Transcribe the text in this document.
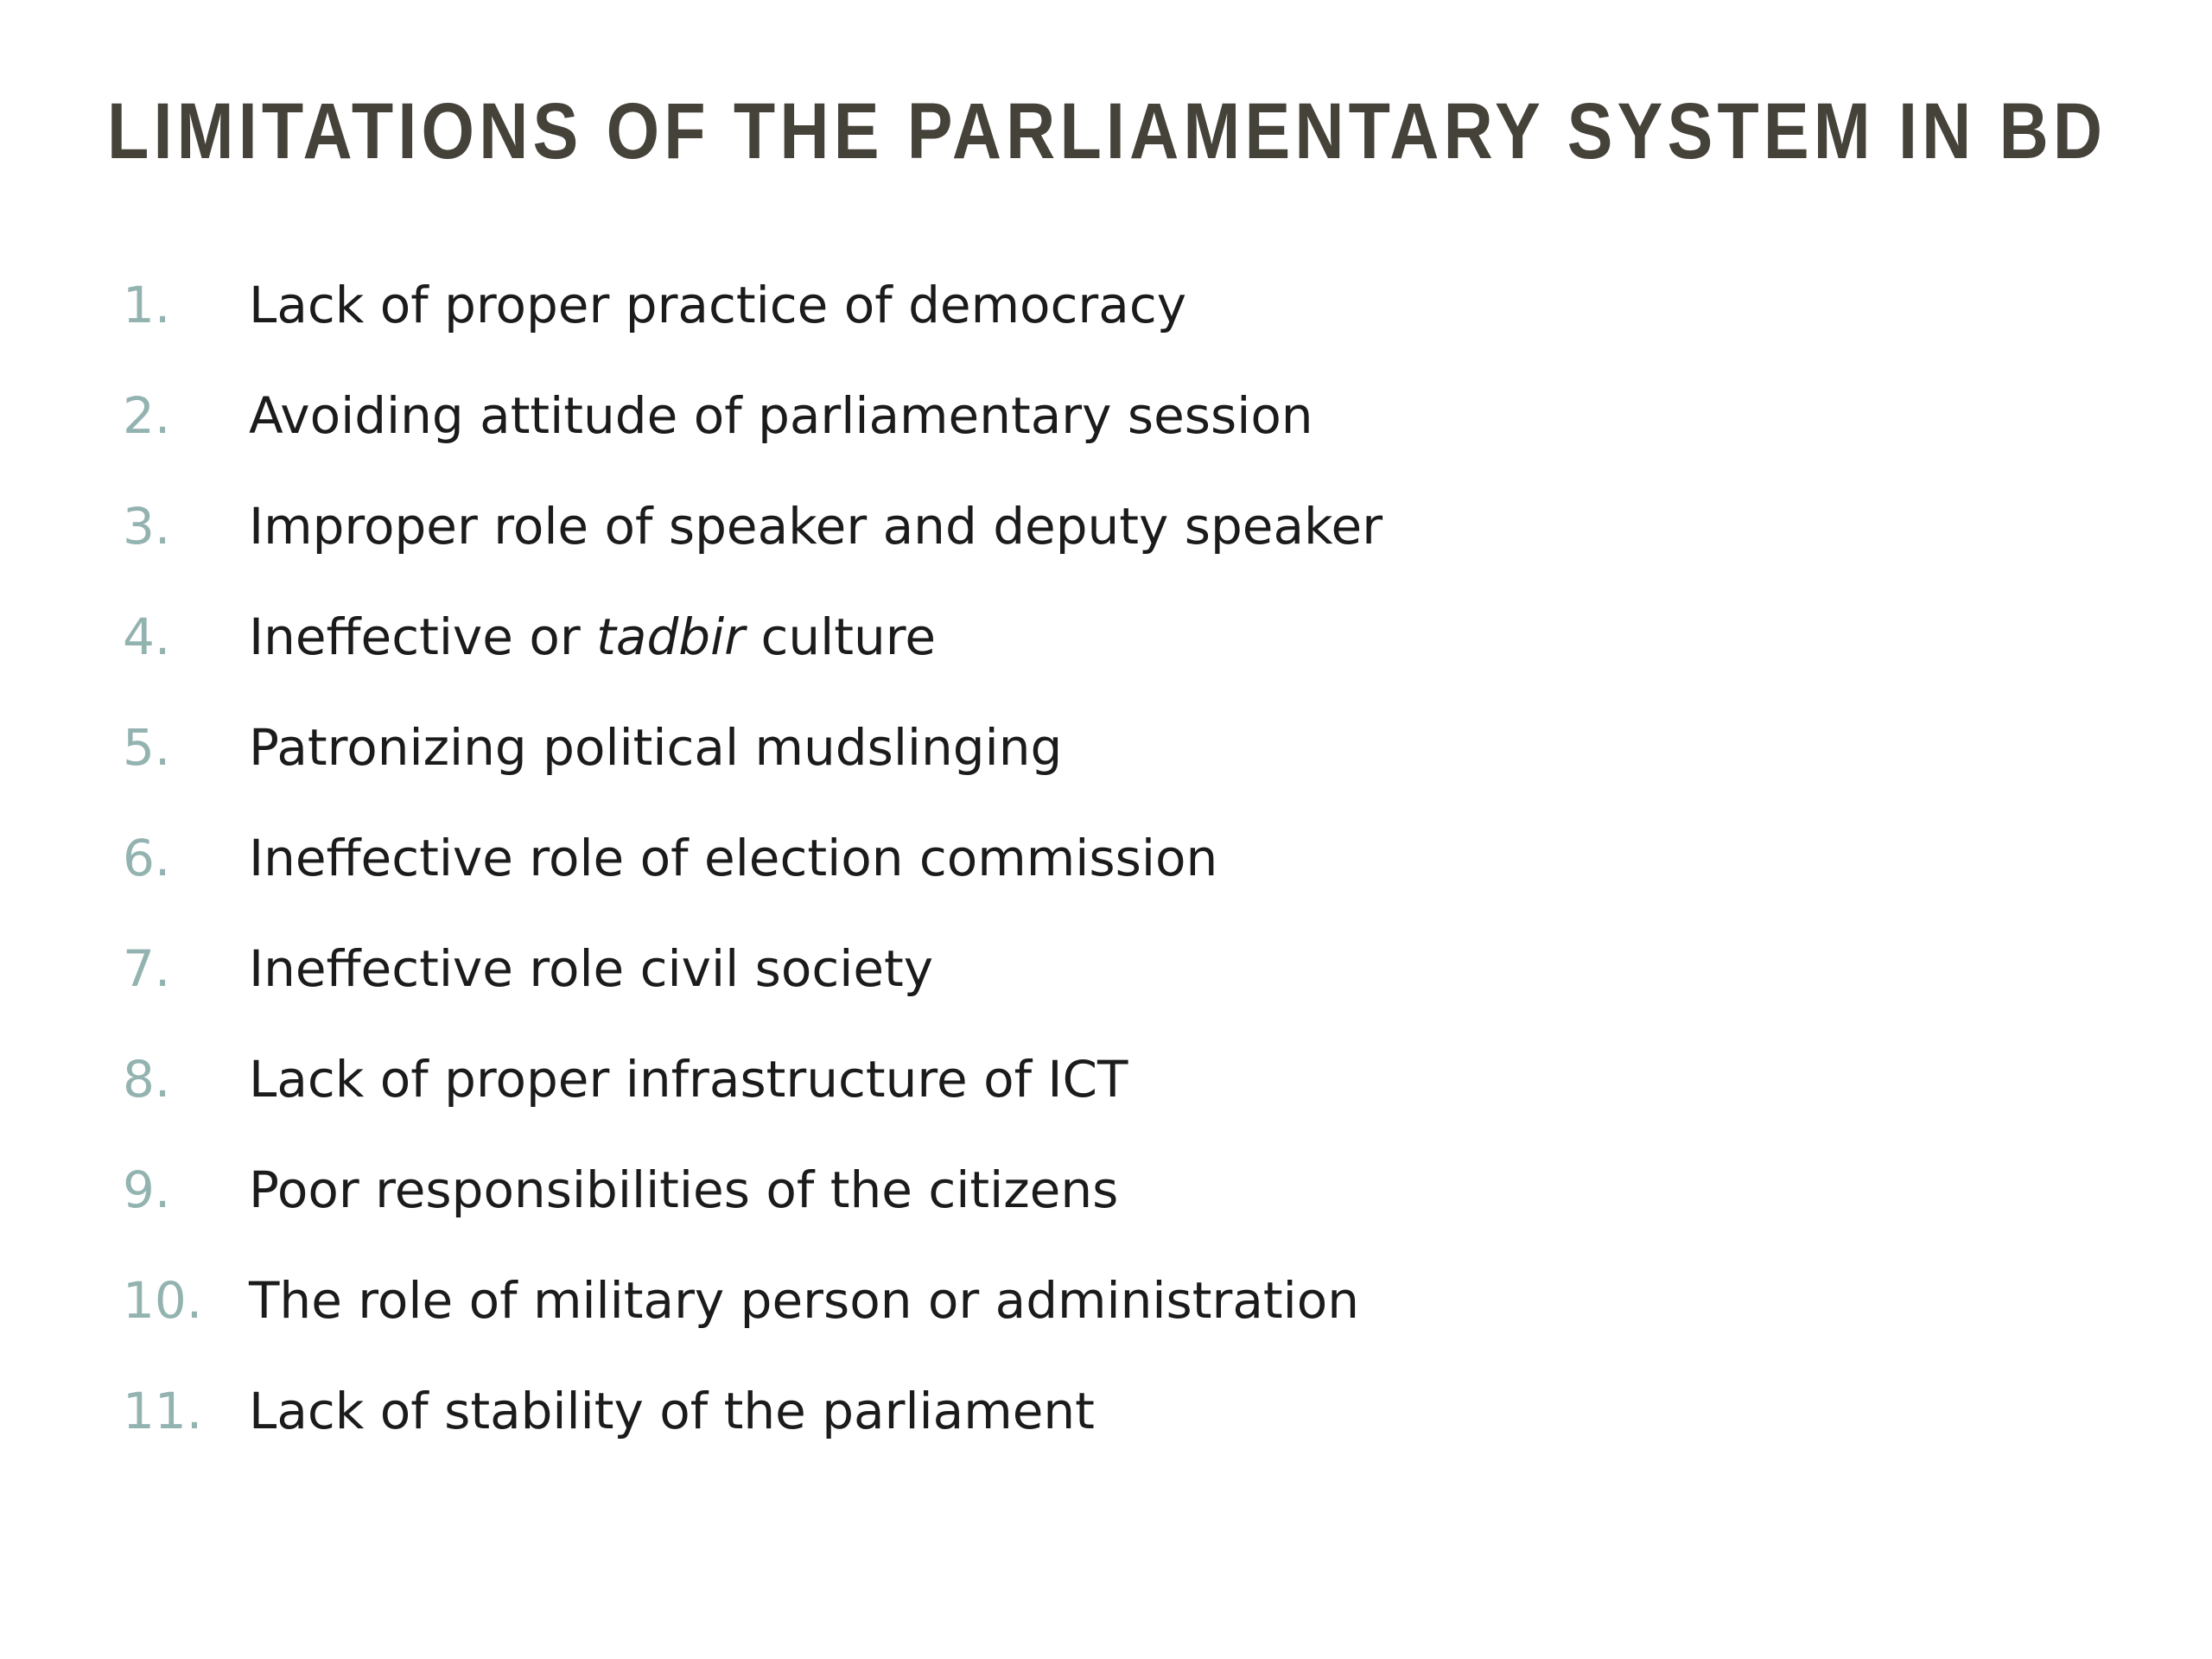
LIMITATIONS OF THE PARLIAMENTARY SYSTEM IN BD
1. Lack of proper practice of democracy
2. Avoiding attitude of parliamentary session
3. Improper role of speaker and deputy speaker
4. Ineffective or tadbir culture
5. Patronizing political mudslinging
6. Ineffective role of election commission
7. Ineffective role civil society
8. Lack of proper infrastructure of ICT
9. Poor responsibilities of the citizens
10. The role of military person or administration
11. Lack of stability of the parliament
